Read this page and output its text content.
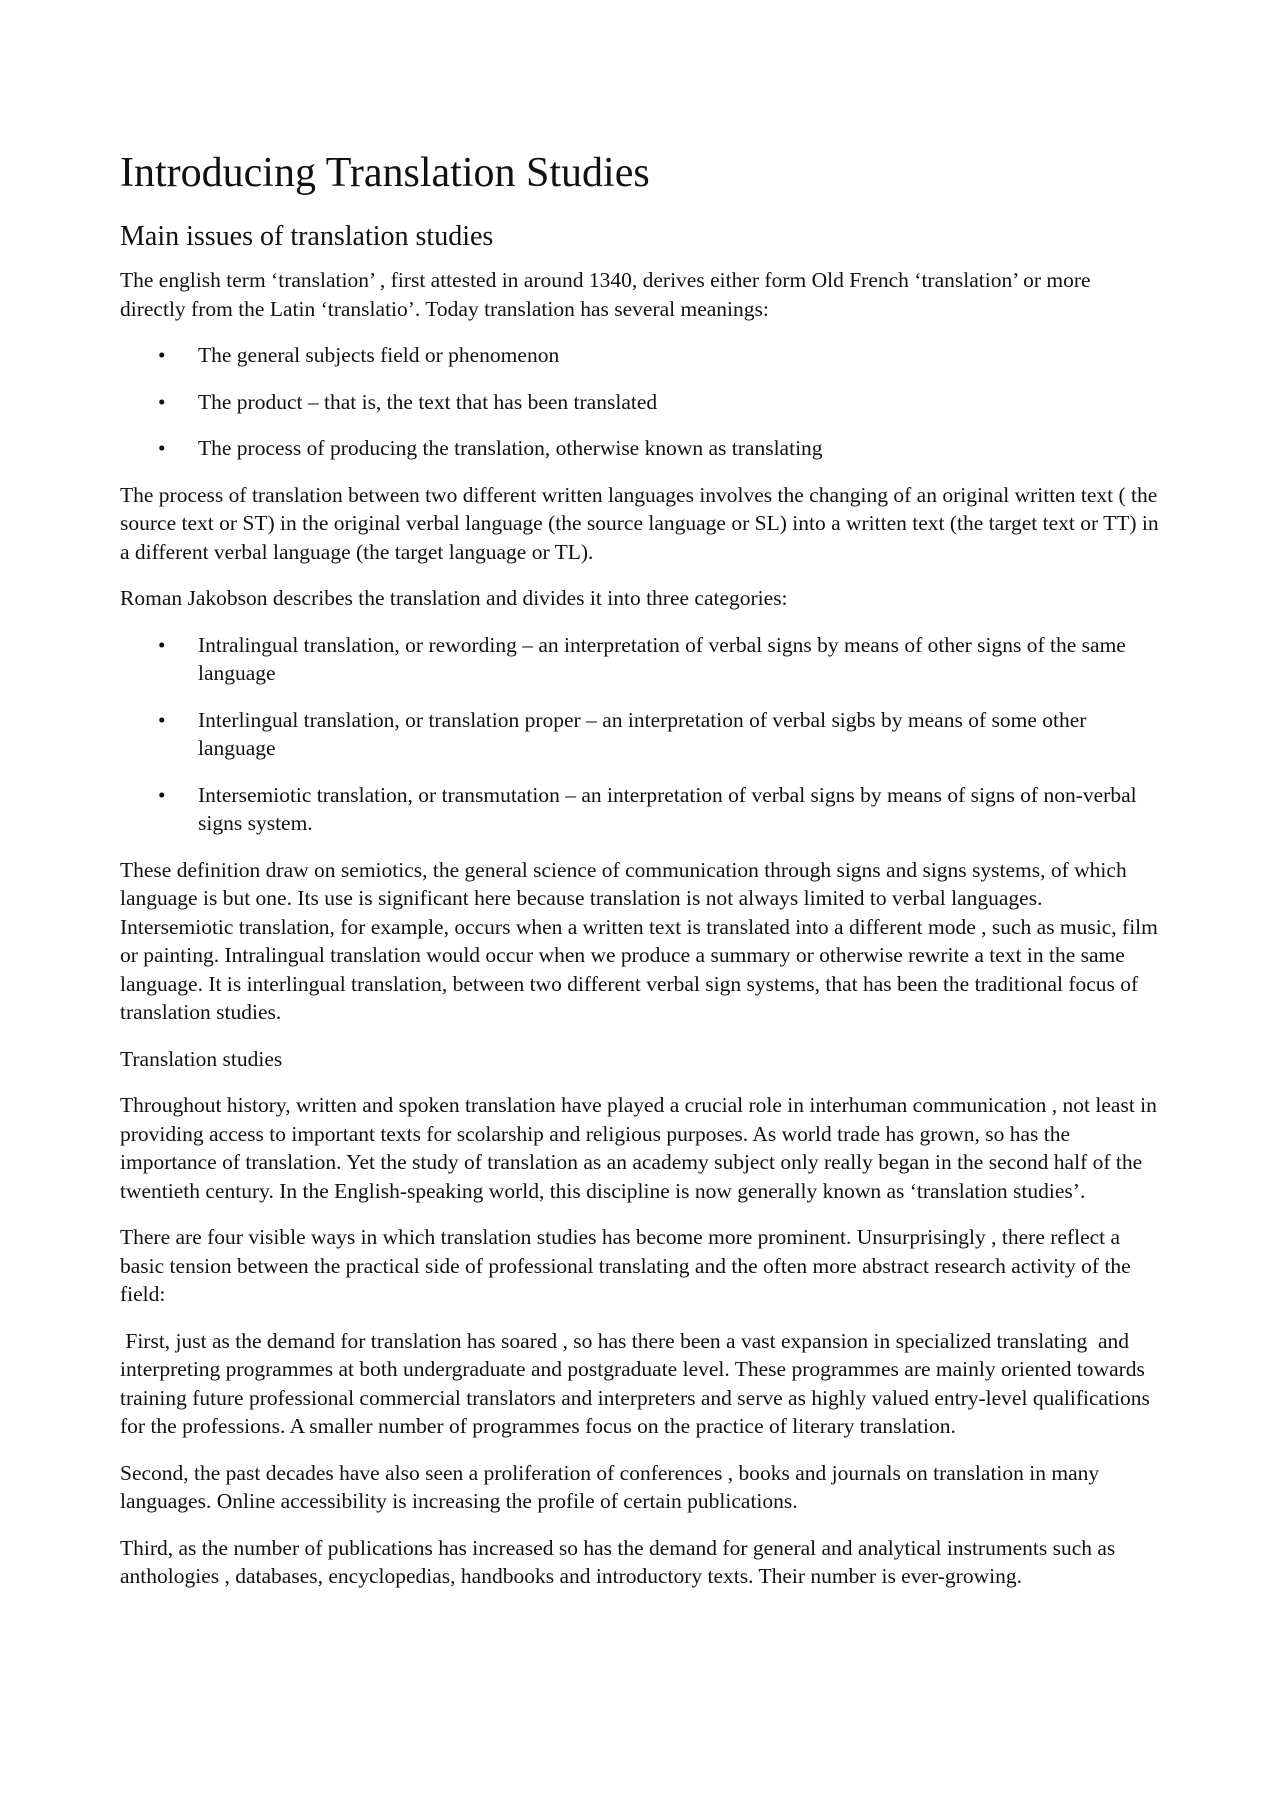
Introducing Translation Studies
Main issues of translation studies

The english term ‘translation’ , first attested in around 1340, derives either form Old French ‘translation’ or more directly from the Latin ‘translatio’. Today translation has several meanings:

• The general subjects field or phenomenon
• The product – that is, the text that has been translated
• The process of producing the translation, otherwise known as translating

The process of translation between two different written languages involves the changing of an original written text ( the source text or ST) in the original verbal language (the source language or SL) into a written text (the target text or TT) in a different verbal language (the target language or TL).

Roman Jakobson describes the translation and divides it into three categories:

• Intralingual translation, or rewording – an interpretation of verbal signs by means of other signs of the same language
• Interlingual translation, or translation proper – an interpretation of verbal sigbs by means of some other language
• Intersemiotic translation, or transmutation – an interpretation of verbal signs by means of signs of non-verbal signs system.

These definition draw on semiotics, the general science of communication through signs and signs systems, of which language is but one. Its use is significant here because translation is not always limited to verbal languages. Intersemiotic translation, for example, occurs when a written text is translated into a different mode , such as music, film or painting. Intralingual translation would occur when we produce a summary or otherwise rewrite a text in the same language. It is interlingual translation, between two different verbal sign systems, that has been the traditional focus of translation studies.

Translation studies

Throughout history, written and spoken translation have played a crucial role in interhuman communication , not least in providing access to important texts for scolarship and religious purposes. As world trade has grown, so has the importance of translation. Yet the study of translation as an academy subject only really began in the second half of the twentieth century. In the English-speaking world, this discipline is now generally known as ‘translation studies’.

There are four visible ways in which translation studies has become more prominent. Unsurprisingly , there reflect a basic tension between the practical side of professional translating and the often more abstract research activity of the field:

First, just as the demand for translation has soared , so has there been a vast expansion in specialized translating  and interpreting programmes at both undergraduate and postgraduate level. These programmes are mainly oriented towards training future professional commercial translators and interpreters and serve as highly valued entry-level qualifications for the professions. A smaller number of programmes focus on the practice of literary translation.

Second, the past decades have also seen a proliferation of conferences , books and journals on translation in many languages. Online accessibility is increasing the profile of certain publications.

Third, as the number of publications has increased so has the demand for general and analytical instruments such as anthologies , databases, encyclopedias, handbooks and introductory texts. Their number is ever-growing.
